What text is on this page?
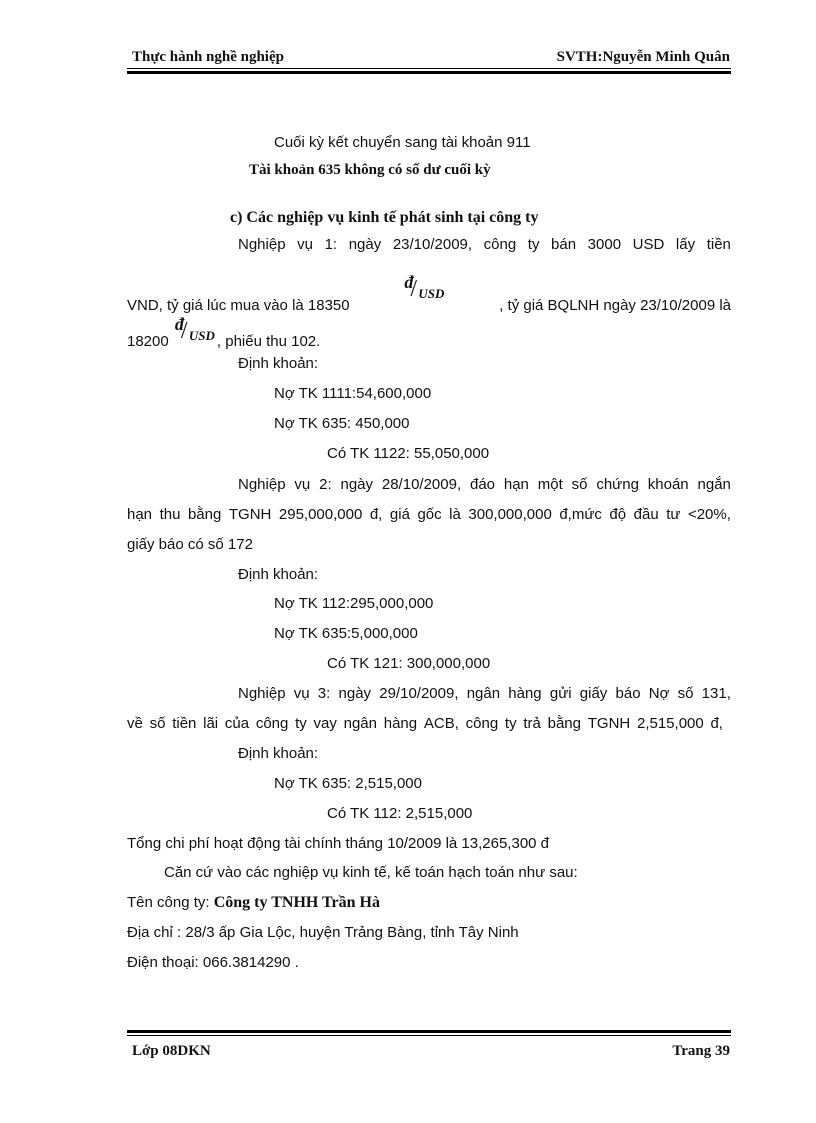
Thực hành nghề nghiệp	SVTH:Nguyễn Minh Quân
Cuối kỳ kết chuyển sang tài khoản 911
Tài khoản 635 không có số dư cuối kỳ
c) Các nghiệp vụ kinh tế phát sinh tại công ty
Nghiệp vụ 1: ngày 23/10/2009, công ty bán 3000 USD lấy tiền
VND, tỷ giá lúc mua vào là 18350
đ
/ USD
, tỷ giá BQLNH ngày 23/10/2009 là
18200
đ
/ USD , phiếu thu 102.
Định khoản:
Nợ TK 1111:54,600,000
Nợ TK 635: 450,000
Có TK 1122: 55,050,000
Nghiệp vụ 2: ngày 28/10/2009, đáo hạn một số chứng khoán ngắn
hạn thu bằng TGNH 295,000,000 đ, giá gốc là 300,000,000 đ,mức độ đầu tư <20%,
giấy báo có số 172
Định khoản:
Nợ TK 112:295,000,000
Nợ TK 635:5,000,000
Có TK 121: 300,000,000
Nghiệp vụ 3: ngày 29/10/2009, ngân hàng gửi giấy báo Nợ số 131,
về số tiền lãi của công ty vay ngân hàng ACB, công ty trả bằng TGNH 2,515,000 đ,
Định khoản:
Nợ TK 635: 2,515,000
Có TK 112: 2,515,000
Tổng chi phí hoạt động tài chính tháng 10/2009 là 13,265,300 đ
Căn cứ vào các nghiệp vụ kinh tế, kế toán hạch toán như sau:
Tên công ty: Công ty TNHH Trần Hà
Địa chỉ : 28/3 ấp Gia Lộc, huyện Trảng Bàng, tỉnh Tây Ninh
Điện thoại: 066.3814290 .
Lớp 08DKN	Trang 39
